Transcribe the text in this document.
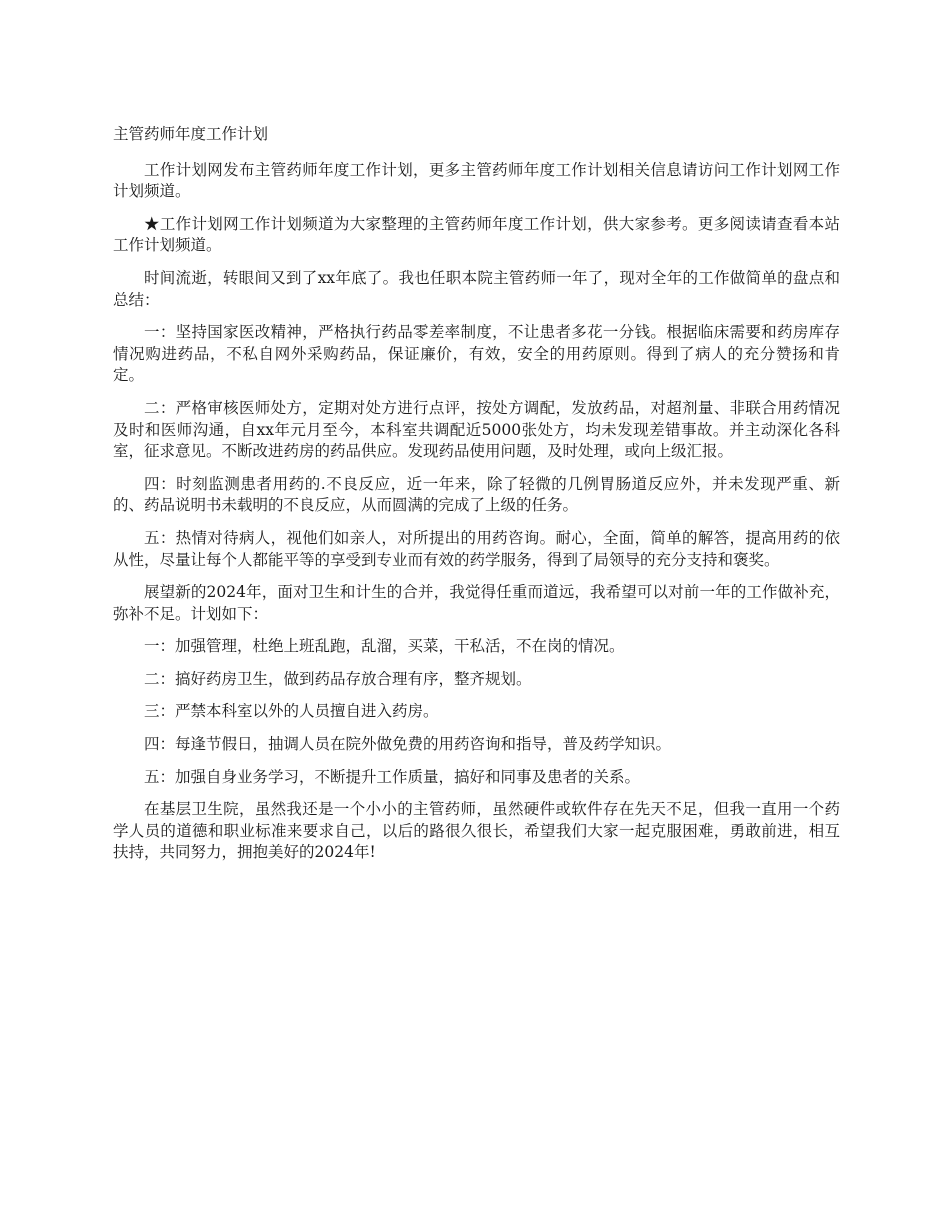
主管药师年度工作计划

工作计划网发布主管药师年度工作计划，更多主管药师年度工作计划相关信息请访问工作计划网工作计划频道。

★工作计划网工作计划频道为大家整理的主管药师年度工作计划，供大家参考。更多阅读请查看本站工作计划频道。

时间流逝，转眼间又到了xx年底了。我也任职本院主管药师一年了，现对全年的工作做简单的盘点和总结：

一：坚持国家医改精神，严格执行药品零差率制度，不让患者多花一分钱。根据临床需要和药房库存情况购进药品，不私自网外采购药品，保证廉价，有效，安全的用药原则。得到了病人的充分赞扬和肯定。

二：严格审核医师处方，定期对处方进行点评，按处方调配，发放药品，对超剂量、非联合用药情况及时和医师沟通，自xx年元月至今，本科室共调配近5000张处方，均未发现差错事故。并主动深化各科室，征求意见。不断改进药房的药品供应。发现药品使用问题，及时处理，或向上级汇报。

四：时刻监测患者用药的.不良反应，近一年来，除了轻微的几例胃肠道反应外，并未发现严重、新的、药品说明书未载明的不良反应，从而圆满的完成了上级的任务。

五：热情对待病人，视他们如亲人，对所提出的用药咨询。耐心，全面，简单的解答，提高用药的依从性，尽量让每个人都能平等的享受到专业而有效的药学服务，得到了局领导的充分支持和褒奖。

展望新的2024年，面对卫生和计生的合并，我觉得任重而道远，我希望可以对前一年的工作做补充，弥补不足。计划如下：

一：加强管理，杜绝上班乱跑，乱溜，买菜，干私活，不在岗的情况。

二：搞好药房卫生，做到药品存放合理有序，整齐规划。

三：严禁本科室以外的人员擅自进入药房。

四：每逢节假日，抽调人员在院外做免费的用药咨询和指导，普及药学知识。

五：加强自身业务学习，不断提升工作质量，搞好和同事及患者的关系。

在基层卫生院，虽然我还是一个小小的主管药师，虽然硬件或软件存在先天不足，但我一直用一个药学人员的道德和职业标准来要求自己，以后的路很久很长，希望我们大家一起克服困难，勇敢前进，相互扶持，共同努力，拥抱美好的2024年!
